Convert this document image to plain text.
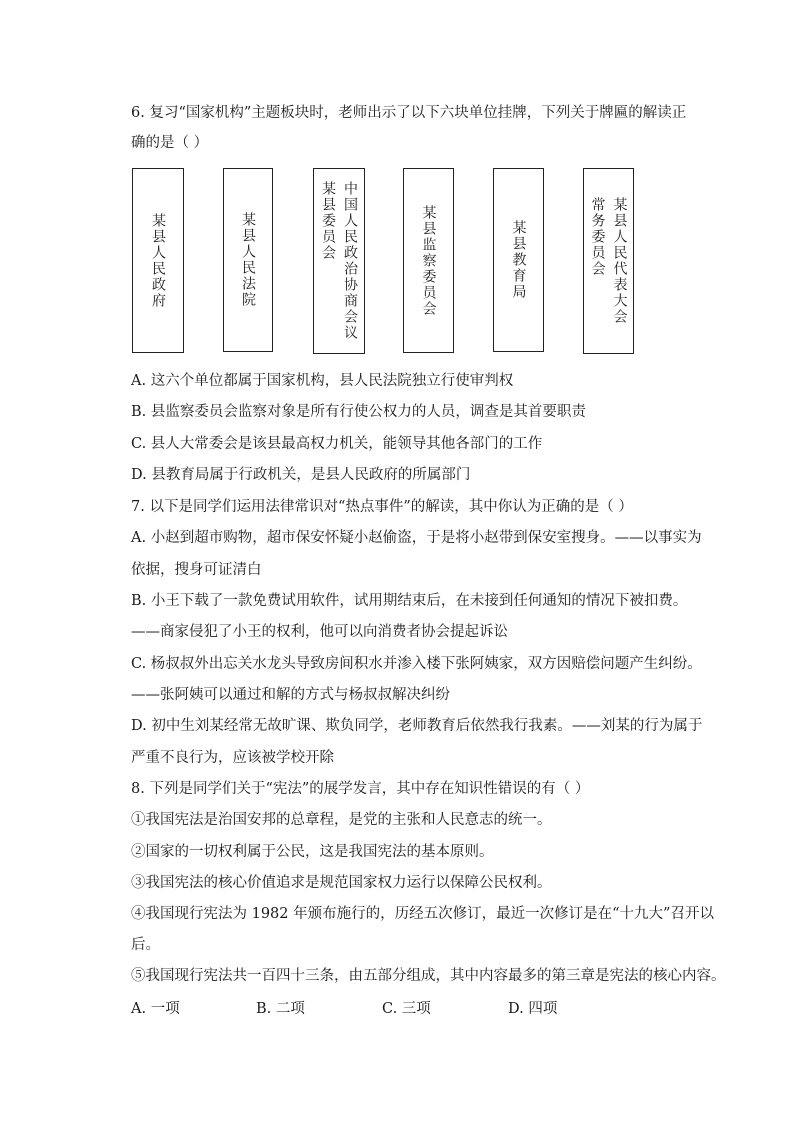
6. 复习“国家机构”主题板块时，老师出示了以下六块单位挂牌，下列关于牌匾的解读正
确的是（ ）
某县人民政府	某县人民法院	中国人民政治协商会议
某县委员会	某县监察委员会	某县教育局	某县人民代表大会
常务委员会
A. 这六个单位都属于国家机构，县人民法院独立行使审判权
B. 县监察委员会监察对象是所有行使公权力的人员，调查是其首要职责
C. 县人大常委会是该县最高权力机关，能领导其他各部门的工作
D. 县教育局属于行政机关，是县人民政府的所属部门
7. 以下是同学们运用法律常识对“热点事件”的解读，其中你认为正确的是（ ）
A. 小赵到超市购物，超市保安怀疑小赵偷盗，于是将小赵带到保安室搜身。——以事实为
依据，搜身可证清白
B. 小王下载了一款免费试用软件，试用期结束后，在未接到任何通知的情况下被扣费。
——商家侵犯了小王的权利，他可以向消费者协会提起诉讼
C. 杨叔叔外出忘关水龙头导致房间积水并渗入楼下张阿姨家，双方因赔偿问题产生纠纷。
——张阿姨可以通过和解的方式与杨叔叔解决纠纷
D. 初中生刘某经常无故旷课、欺负同学，老师教育后依然我行我素。——刘某的行为属于
严重不良行为，应该被学校开除
8. 下列是同学们关于“宪法”的展学发言，其中存在知识性错误的有（ ）
①我国宪法是治国安邦的总章程，是党的主张和人民意志的统一。
②国家的一切权利属于公民，这是我国宪法的基本原则。
③我国宪法的核心价值追求是规范国家权力运行以保障公民权利。
④我国现行宪法为 1982 年颁布施行的，历经五次修订，最近一次修订是在“十九大”召开以
后。
⑤我国现行宪法共一百四十三条，由五部分组成，其中内容最多的第三章是宪法的核心内容。
A. 一项	B. 二项	C. 三项	D. 四项
